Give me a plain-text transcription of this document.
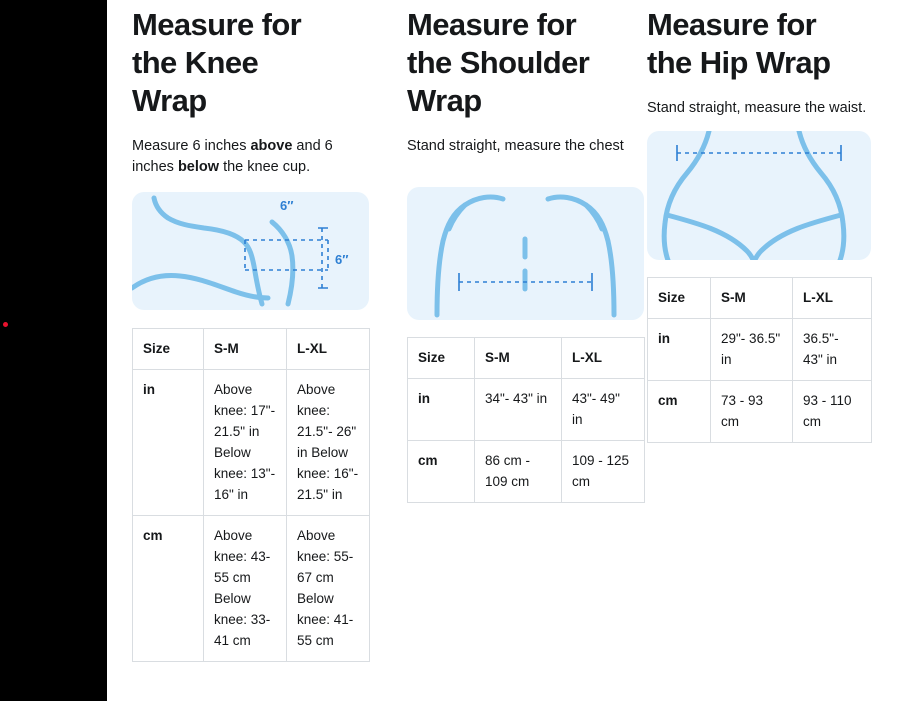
Measure for the Knee Wrap

Measure 6 inches above and 6 inches below the knee cup.

6″
6″
Size	S-M	L-XL
in	Above knee: 17"- 21.5" in Below knee: 13"- 16" in	Above knee: 21.5"- 26" in Below knee: 16"- 21.5" in
cm	Above knee: 43- 55 cm Below knee: 33- 41 cm	Above knee: 55- 67 cm Below knee: 41- 55 cm
Measure for the Shoulder Wrap

Stand straight, measure the chest

Size	S-M	L-XL
in	34"- 43" in	43"- 49" in
cm	86 cm - 109 cm	109 - 125 cm
Measure for the Hip Wrap

Stand straight, measure the waist.

Size	S-M	L-XL
in	29"- 36.5" in	36.5"- 43" in
cm	73 - 93 cm	93 - 110 cm
